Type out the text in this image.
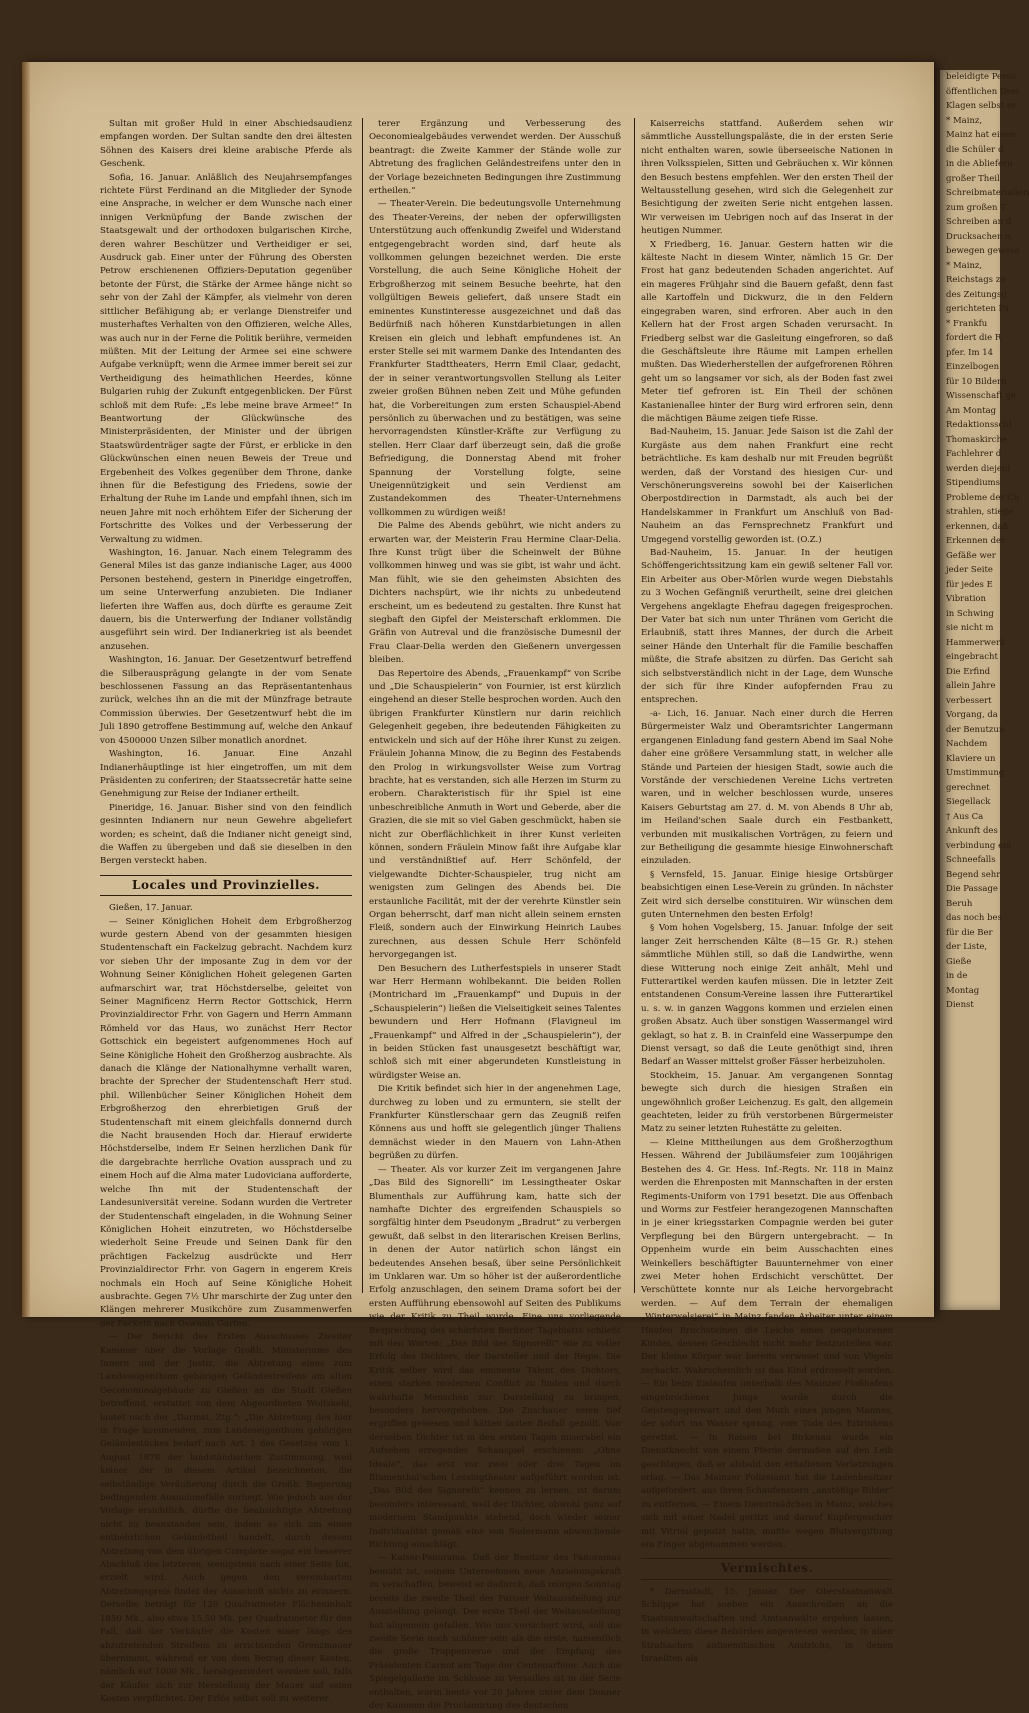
beleidigte Perso
öffentlichen Drei
Klagen selbst er
* Mainz,
Mainz hat einen
die Schüler d
in die Ablieferu
großer Theil
Schreibmaterialien
zum großen T
Schreiben an d
Drucksachen n
bewegen gewese
* Mainz,
Reichstags zu
des Zeitungsg
gerichteten Pa
* Frankfu
fordert die R
pfer. Im 14
Einzelbogen
für 10 Bildern
Wissenschaft ge
Am Montag
Redaktionsschl
Thomaskirche
Fachlehrer d
werden diejeni
Stipendiums
Probleme der Ch
strahlen, stiege
erkennen, daß
Erkennen der
Gefäße wer
jeder Seite
für jedes E
Vibration
in Schwing
sie nicht m
Hammerwerk
eingebracht
Die Erfind
allein Jahre
verbessert
Vorgang, da
der Benutzun
Nachdem
Klaviere un
Umstimmung
gerechnet
Siegellack
† Aus Ca
Ankunft des
verbindung ein
Schneefalls
Begend sehr
Die Passage
Beruh
das noch bes
für die Ber
der Liste,
Gieße
in de
Montag
Dienst

Sultan mit großer Huld in einer Abschiedsaudienz empfangen worden. Der Sultan sandte den drei ältesten Söhnen des Kaisers drei kleine arabische Pferde als Geschenk.

Sofia, 16. Januar. Anläßlich des Neujahrsempfanges richtete Fürst Ferdinand an die Mitglieder der Synode eine Ansprache, in welcher er dem Wunsche nach einer innigen Verknüpfung der Bande zwischen der Staatsgewalt und der orthodoxen bulgarischen Kirche, deren wahrer Beschützer und Vertheidiger er sei, Ausdruck gab. Einer unter der Führung des Obersten Petrow erschienenen Offiziers-Deputation gegenüber betonte der Fürst, die Stärke der Armee hänge nicht so sehr von der Zahl der Kämpfer, als vielmehr von deren sittlicher Befähigung ab; er verlange Dienstreifer und musterhaftes Verhalten von den Offizieren, welche Alles, was auch nur in der Ferne die Politik berühre, vermeiden müßten. Mit der Leitung der Armee sei eine schwere Aufgabe verknüpft; wenn die Armee immer bereit sei zur Vertheidigung des heimathlichen Heerdes, könne Bulgarien ruhig der Zukunft entgegenblicken. Der Fürst schloß mit dem Rufe: „Es lebe meine brave Armee!“ In Beantwortung der Glückwünsche des Ministerpräsidenten, der Minister und der übrigen Staatswürdenträger sagte der Fürst, er erblicke in den Glückwünschen einen neuen Beweis der Treue und Ergebenheit des Volkes gegenüber dem Throne, danke ihnen für die Befestigung des Friedens, sowie der Erhaltung der Ruhe im Lande und empfahl ihnen, sich im neuen Jahre mit noch erhöhtem Eifer der Sicherung der Fortschritte des Volkes und der Verbesserung der Verwaltung zu widmen.

Washington, 16. Januar. Nach einem Telegramm des General Miles ist das ganze indianische Lager, aus 4000 Personen bestehend, gestern in Pineridge eingetroffen, um seine Unterwerfung anzubieten. Die Indianer lieferten ihre Waffen aus, doch dürfte es geraume Zeit dauern, bis die Unterwerfung der Indianer vollständig ausgeführt sein wird. Der Indianerkrieg ist als beendet anzusehen.

Washington, 16. Januar. Der Gesetzentwurf betreffend die Silberausprägung gelangte in der vom Senate beschlossenen Fassung an das Repräsentantenhaus zurück, welches ihn an die mit der Münzfrage betraute Commission überwies. Der Gesetzentwurf hebt die im Juli 1890 getroffene Bestimmung auf, welche den Ankauf von 4500000 Unzen Silber monatlich anordnet.

Washington, 16. Januar. Eine Anzahl Indianerhäuptlinge ist hier eingetroffen, um mit dem Präsidenten zu conferiren; der Staatssecretär hatte seine Genehmigung zur Reise der Indianer ertheilt.

Pineridge, 16. Januar. Bisher sind von den feindlich gesinnten Indianern nur neun Gewehre abgeliefert worden; es scheint, daß die Indianer nicht geneigt sind, die Waffen zu übergeben und daß sie dieselben in den Bergen versteckt haben.

Locales und Provinzielles.

Gießen, 17. Januar.

— Seiner Königlichen Hoheit dem Erbgroßherzog wurde gestern Abend von der gesammten hiesigen Studentenschaft ein Fackelzug gebracht. Nachdem kurz vor sieben Uhr der imposante Zug in dem vor der Wohnung Seiner Königlichen Hoheit gelegenen Garten aufmarschirt war, trat Höchstderselbe, geleitet von Seiner Magnificenz Herrn Rector Gottschick, Herrn Provinzialdirector Frhr. von Gagern und Herrn Ammann Römheld vor das Haus, wo zunächst Herr Rector Gottschick ein begeistert aufgenommenes Hoch auf Seine Königliche Hoheit den Großherzog ausbrachte. Als danach die Klänge der Nationalhymne verhallt waren, brachte der Sprecher der Studentenschaft Herr stud. phil. Willenbücher Seiner Königlichen Hoheit dem Erbgroßherzog den ehrerbietigen Gruß der Studentenschaft mit einem gleichfalls donnernd durch die Nacht brausenden Hoch dar. Hierauf erwiderte Höchstderselbe, indem Er Seinen herzlichen Dank für die dargebrachte herrliche Ovation aussprach und zu einem Hoch auf die Alma mater Ludoviciana aufforderte, welche Ihn mit der Studentenschaft der Landesuniversität vereine. Sodann wurden die Vertreter der Studentenschaft eingeladen, in die Wohnung Seiner Königlichen Hoheit einzutreten, wo Höchstderselbe wiederholt Seine Freude und Seinen Dank für den prächtigen Fackelzug ausdrückte und Herr Provinzialdirector Frhr. von Gagern in engerem Kreis nochmals ein Hoch auf Seine Königliche Hoheit ausbrachte. Gegen 7½ Uhr marschirte der Zug unter den Klängen mehrerer Musikchöre zum Zusammenwerfen der Fackeln nach Oswalds Garten.

— Der Bericht des Ersten Ausschusses Zweiter Kammer über die Vorlage Großh. Ministeriums des Innern und der Justiz, die Abtretung eines zum Landeseigenthum gehörigen Geländestreifens am alten Oeconomiealgebäude zu Gießen an die Stadt Gießen betreffend, erstattet von dem Abgeordneten Wolfskehl, lautet nach der „Darmst. Ztg.“: „Die Abtretung des hier in Frage kommenden, zum Landeseigenthum gehörigen Geländestückes bedarf nach Art. 1 des Gesetzes vom 1. August 1878 der landständischen Zustimmung, weil keiner der in diesem Artikel bezeichneten, die selbständige Veräußerung durch die Großh. Regierung bedingenden Ausnahmefälle vorliegt. Wie jedoch aus der Vorlage ersichtlich, dürfte die beabsichtigte Abtretung nicht zu beanstanden sein, indem es sich um einen entbehrlichen Geländetheil handelt, durch dessen Abtretung von dem übrigen Complexe sogar ein besserer Abschluß des letzteren, wenigstens nach einer Seite hin, erzielt wird. Auch gegen den vereinbarten Abtretungspreis findet der Ausschuß nichts zu erinnern. Derselbe beträgt für 120 Quadratmeter Flächeninhalt 1850 Mk., also etwa 15,50 Mk. per Quadratmeter für den Fall, daß der Verkäufer die Kosten einer längs des abzutretenden Streifens zu errichtenden Grenzmauer übernimmt, während er von dem Betrag dieser Kosten, nämlich auf 1000 Mk., herabgemindert werden soll, falls der Käufer sich zur Herstellung der Mauer auf seine Kosten verpflichtet. Der Erlös selbst soll zu weiterer

terer Ergänzung und Verbesserung des Oeconomiealgebäudes verwendet werden. Der Ausschuß beantragt: die Zweite Kammer der Stände wolle zur Abtretung des fraglichen Geländestreifens unter den in der Vorlage bezeichneten Bedingungen ihre Zustimmung ertheilen.“

— Theater-Verein. Die bedeutungsvolle Unternehmung des Theater-Vereins, der neben der opferwilligsten Unterstützung auch offenkundig Zweifel und Widerstand entgegengebracht worden sind, darf heute als vollkommen gelungen bezeichnet werden. Die erste Vorstellung, die auch Seine Königliche Hoheit der Erbgroßherzog mit seinem Besuche beehrte, hat den vollgültigen Beweis geliefert, daß unsere Stadt ein eminentes Kunstinteresse ausgezeichnet und daß das Bedürfniß nach höheren Kunstdarbietungen in allen Kreisen ein gleich und lebhaft empfundenes ist. An erster Stelle sei mit warmem Danke des Intendanten des Frankfurter Stadttheaters, Herrn Emil Claar, gedacht, der in seiner verantwortungsvollen Stellung als Leiter zweier großen Bühnen neben Zeit und Mühe gefunden hat, die Vorbereitungen zum ersten Schauspiel-Abend persönlich zu überwachen und zu bestätigen, was seine hervorragendsten Künstler-Kräfte zur Verfügung zu stellen. Herr Claar darf überzeugt sein, daß die große Befriedigung, die Donnerstag Abend mit froher Spannung der Vorstellung folgte, seine Uneigennützigkeit und sein Verdienst am Zustandekommen des Theater-Unternehmens vollkommen zu würdigen weiß!

Die Palme des Abends gebührt, wie nicht anders zu erwarten war, der Meisterin Frau Hermine Claar-Delia. Ihre Kunst trügt über die Scheinwelt der Bühne vollkommen hinweg und was sie gibt, ist wahr und ächt. Man fühlt, wie sie den geheimsten Absichten des Dichters nachspürt, wie ihr nichts zu unbedeutend erscheint, um es bedeutend zu gestalten. Ihre Kunst hat siegbaft den Gipfel der Meisterschaft erklommen. Die Gräfin von Autreval und die französische Dumesnil der Frau Claar-Delia werden den Gießenern unvergessen bleiben.

Das Repertoire des Abends, „Frauenkampf“ von Scribe und „Die Schauspielerin“ von Fournier, ist erst kürzlich eingehend an dieser Stelle besprochen worden. Auch den übrigen Frankfurter Künstlern nur darin reichlich Gelegenheit gegeben, ihre bedeutenden Fähigkeiten zu entwickeln und sich auf der Höhe ihrer Kunst zu zeigen. Fräulein Johanna Minow, die zu Beginn des Festabends den Prolog in wirkungsvollster Weise zum Vortrag brachte, hat es verstanden, sich alle Herzen im Sturm zu erobern. Charakteristisch für ihr Spiel ist eine unbeschreibliche Anmuth in Wort und Geberde, aber die Grazien, die sie mit so viel Gaben geschmückt, haben sie nicht zur Oberflächlichkeit in ihrer Kunst verleiten können, sondern Fräulein Minow faßt ihre Aufgabe klar und verständnißtief auf. Herr Schönfeld, der vielgewandte Dichter-Schauspieler, trug nicht am wenigsten zum Gelingen des Abends bei. Die erstaunliche Facilität, mit der der verehrte Künstler sein Organ beherrscht, darf man nicht allein seinem ernsten Fleiß, sondern auch der Einwirkung Heinrich Laubes zurechnen, aus dessen Schule Herr Schönfeld hervorgegangen ist.

Den Besuchern des Lutherfestspiels in unserer Stadt war Herr Hermann wohlbekannt. Die beiden Rollen (Montrichard im „Frauenkampf“ und Dupuis in der „Schauspielerin“) ließen die Vielseitigkeit seines Talentes bewundern und Herr Hofmann (Flavigneul im „Frauenkampf“ und Alfred in der „Schauspielerin“), der in beiden Stücken fast unausgesetzt beschäftigt war, schloß sich mit einer abgerundeten Kunstleistung in würdigster Weise an.

Die Kritik befindet sich hier in der angenehmen Lage, durchweg zu loben und zu ermuntern, sie stellt der Frankfurter Künstlerschaar gern das Zeugniß reifen Könnens aus und hofft sie gelegentlich jünger Thaliens demnächst wieder in den Mauern von Lahn-Athen begrüßen zu dürfen.

— Theater. Als vor kurzer Zeit im vergangenen Jahre „Das Bild des Signorelli“ im Lessingtheater Oskar Blumenthals zur Aufführung kam, hatte sich der namhafte Dichter des ergreifenden Schauspiels so sorgfältig hinter dem Pseudonym „Bradrut“ zu verbergen gewußt, daß selbst in den literarischen Kreisen Berlins, in denen der Autor natürlich schon längst ein bedeutendes Ansehen besaß, über seine Persönlichkeit im Unklaren war. Um so höher ist der außerordentliche Erfolg anzuschlagen, den seinem Drama sofort bei der ersten Aufführung ebensowohl auf Seiten des Publikums wie der Kritik zu Theil wurde. Eine uns vorliegende Besprechung des schärfsten Berliner Tageblatts schließt mit den Worten: „Das Bild des Signorelli“ wie zu voller Erfolg des Dichters, der Darsteller und der Regie. Die Kritik selber wird das eminente Talent des Dichters, einen starken modernen Conflict zu finden und durch wahrhafte Menschen zur Darstellung zu bringen, besonders hervorgehoben. Die Zuschauer seien tief ergriffen gewesen und hätten lauten Beifall gezollt. Von derselben Dichter ist in den ersten Tagen miserabel ein Aufsehen erregendes Schauspiel erschienen: „Ohne Ideale“, das erst vor zwei oder drei Tagen im Blumenthal'schen Lessingtheater aufgeführt worden ist. „Das Bild des Signorelli“ kennen zu lernen, ist darum besonders interessant, weil der Dichter, obwohl ganz auf modernem Standpunkte stehend, doch wieder seiner Individualität gemäß eine von Sudermann abweichende Richtung einschlägt.

— Kaiser-Panorama. Daß der Besitzer des Panoramas bemüht ist, seinem Unternehmen neue Anziehungskraft zu verschaffen, beweist er dadurch, daß morgen Sonntag bereits die zweite Theil der Pariser Weltausstellung zur Ausstellung gelangt. Der erste Theil der Weltausstellung hat allgemein gefallen. Wie uns versichert wird, soll die zweite Serie noch schöner sein als die erste, namentlich die große Truppenrevue und der Empfang des Präsidenten Carnot am Tage der Centenarfeier. Auch die Spiegelgallerie im Schlosse zu Versailles ist in der Serie enthalten, worin heute vor 20 Jahren unter dem Donner der Kanonen die Proclamirung des deutschen

Kaiserreichs stattfand. Außerdem sehen wir sämmtliche Ausstellungspaläste, die in der ersten Serie nicht enthalten waren, sowie überseeische Nationen in ihren Volksspielen, Sitten und Gebräuchen x. Wir können den Besuch bestens empfehlen. Wer den ersten Theil der Weltausstellung gesehen, wird sich die Gelegenheit zur Besichtigung der zweiten Serie nicht entgehen lassen. Wir verweisen im Uebrigen noch auf das Inserat in der heutigen Nummer.

X Friedberg, 16. Januar. Gestern hatten wir die kälteste Nacht in diesem Winter, nämlich 15 Gr. Der Frost hat ganz bedeutenden Schaden angerichtet. Auf ein mageres Frühjahr sind die Bauern gefaßt, denn fast alle Kartoffeln und Dickwurz, die in den Feldern eingegraben waren, sind erfroren. Aber auch in den Kellern hat der Frost argen Schaden verursacht. In Friedberg selbst war die Gasleitung eingefroren, so daß die Geschäftsleute ihre Räume mit Lampen erhellen mußten. Das Wiederherstellen der aufgefrorenen Röhren geht um so langsamer vor sich, als der Boden fast zwei Meter tief gefroren ist. Ein Theil der schönen Kastanienallee hinter der Burg wird erfroren sein, denn die mächtigen Bäume zeigen tiefe Risse.

Bad-Nauheim, 15. Januar. Jede Saison ist die Zahl der Kurgäste aus dem nahen Frankfurt eine recht beträchtliche. Es kam deshalb nur mit Freuden begrüßt werden, daß der Vorstand des hiesigen Cur- und Verschönerungsvereins sowohl bei der Kaiserlichen Oberpostdirection in Darmstadt, als auch bei der Handelskammer in Frankfurt um Anschluß von Bad-Nauheim an das Fernsprechnetz Frankfurt und Umgegend vorstellig geworden ist. (O.Z.)

Bad-Nauheim, 15. Januar. In der heutigen Schöffengerichtssitzung kam ein gewiß seltener Fall vor. Ein Arbeiter aus Ober-Mörlen wurde wegen Diebstahls zu 3 Wochen Gefängniß verurtheilt, seine drei gleichen Vergehens angeklagte Ehefrau dagegen freigesprochen. Der Vater bat sich nun unter Thränen vom Gericht die Erlaubniß, statt ihres Mannes, der durch die Arbeit seiner Hände den Unterhalt für die Familie beschaffen müßte, die Strafe absitzen zu dürfen. Das Gericht sah sich selbstverständlich nicht in der Lage, dem Wunsche der sich für ihre Kinder aufopfernden Frau zu entsprechen.

-a- Lich, 16. Januar. Nach einer durch die Herren Bürgermeister Walz und Oberamtsrichter Langermann ergangenen Einladung fand gestern Abend im Saal Nohe daher eine größere Versammlung statt, in welcher alle Stände und Parteien der hiesigen Stadt, sowie auch die Vorstände der verschiedenen Vereine Lichs vertreten waren, und in welcher beschlossen wurde, unseres Kaisers Geburtstag am 27. d. M. von Abends 8 Uhr ab, im Heiland'schen Saale durch ein Festbankett, verbunden mit musikalischen Vorträgen, zu feiern und zur Betheiligung die gesammte hiesige Einwohnerschaft einzuladen.

§ Vernsfeld, 15. Januar. Einige hiesige Ortsbürger beabsichtigen einen Lese-Verein zu gründen. In nächster Zeit wird sich derselbe constituiren. Wir wünschen dem guten Unternehmen den besten Erfolg!

§ Vom hohen Vogelsberg, 15. Januar. Infolge der seit langer Zeit herrschenden Kälte (8—15 Gr. R.) stehen sämmtliche Mühlen still, so daß die Landwirthe, wenn diese Witterung noch einige Zeit anhält, Mehl und Futterartikel werden kaufen müssen. Die in letzter Zeit entstandenen Consum-Vereine lassen ihre Futterartikel u. s. w. in ganzen Waggons kommen und erzielen einen großen Absatz. Auch über sonstigen Wassermangel wird geklagt, so hat z. B. in Crainfeld eine Wasserpumpe den Dienst versagt, so daß die Leute genöthigt sind, ihren Bedarf an Wasser mittelst großer Fässer herbeizuholen.

Stockheim, 15. Januar. Am vergangenen Sonntag bewegte sich durch die hiesigen Straßen ein ungewöhnlich großer Leichenzug. Es galt, den allgemein geachteten, leider zu früh verstorbenen Bürgermeister Matz zu seiner letzten Ruhestätte zu geleiten.

— Kleine Mittheilungen aus dem Großherzogthum Hessen. Während der Jubiläumsfeier zum 100jährigen Bestehen des 4. Gr. Hess. Inf.-Regts. Nr. 118 in Mainz werden die Ehrenposten mit Mannschaften in der ersten Regiments-Uniform von 1791 besetzt. Die aus Offenbach und Worms zur Festfeier herangezogenen Mannschaften in je einer kriegsstarken Compagnie werden bei guter Verpflegung bei den Bürgern untergebracht. — In Oppenheim wurde ein beim Ausschachten eines Weinkellers beschäftigter Bauunternehmer von einer zwei Meter hohen Erdschicht verschüttet. Der Verschüttete konnte nur als Leiche hervorgebracht werden. — Auf dem Terrain der ehemaligen „Winterwelsjerei“ in Mainz fanden Arbeiter unter einem Haufen Bruchsteinen die Leiche eines neugeborenen Kindes, dessen Geschlecht nicht mehr festzustellen war. Der kleine Körper war bereits verweset und von Vögeln zerhackt. Wahrscheinlich ist das Kind erdrosselt worden. — Ein beim Eislaufen unterhalb des Mainzer Floßhafens eingebrochener Junge wurde durch die Geistesgegenwart und den Muth eines jungen Mannes, der sofort ins Wasser sprang, vom Tode des Ertrinkens gerettet. — In Reisen bei Birkenau wurde ein Dienstknecht von einem Pferde dermaßen auf den Leib geschlagen, daß er alsbald den erhaltenen Verletzungen erlag. — Das Mainzer Polizeiamt hat die Ladenbesitzer aufgefordert, aus ihren Schaufenstern „anstößige Bilder“ zu entfernen. — Einem Dienstmädchen in Mainz, welches sich mit einer Nadel geritzt und darauf Kupfergeschirr mit Vitriol geputzt hatte, mußte wegen Blutvergiftung ein Finger abgenommen werden.

Vermischtes.

* Darmstadt, 15. Januar. Der Oberstaatsanwalt Schlippe hat soeben ein Ausschreiben an die Staatsanwaltschaften und Amtsanwälte ergehen lassen, in welchem diese Behörden angewiesen werden, in allen Strafsachen antisemitischen Anstrichs, in denen Israeliten als
